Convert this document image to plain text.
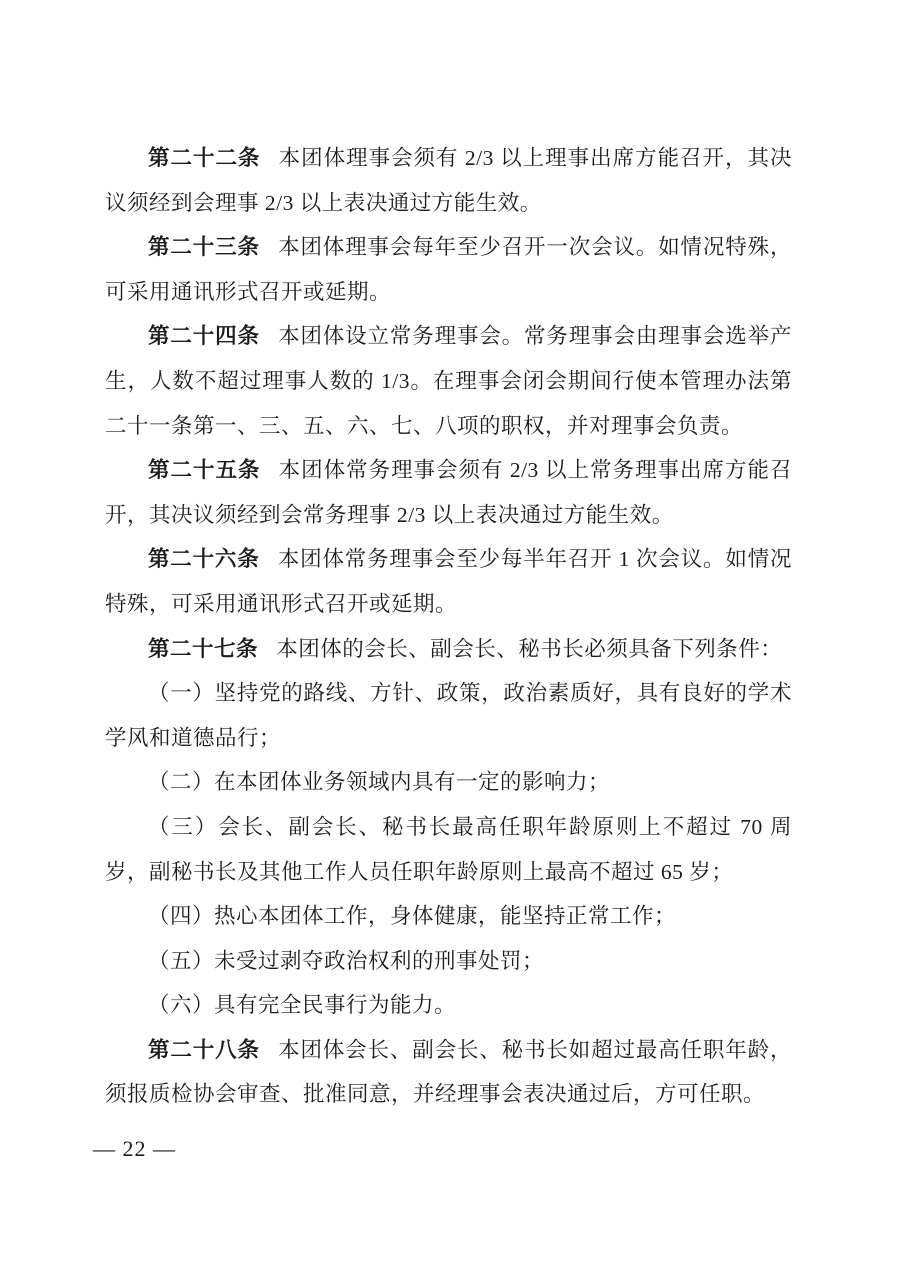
第二十二条 本团体理事会须有 2/3 以上理事出席方能召开，其决议须经到会理事 2/3 以上表决通过方能生效。

第二十三条 本团体理事会每年至少召开一次会议。如情况特殊，可采用通讯形式召开或延期。

第二十四条 本团体设立常务理事会。常务理事会由理事会选举产生，人数不超过理事人数的 1/3。在理事会闭会期间行使本管理办法第二十一条第一、三、五、六、七、八项的职权，并对理事会负责。

第二十五条 本团体常务理事会须有 2/3 以上常务理事出席方能召开，其决议须经到会常务理事 2/3 以上表决通过方能生效。

第二十六条 本团体常务理事会至少每半年召开 1 次会议。如情况特殊，可采用通讯形式召开或延期。

第二十七条 本团体的会长、副会长、秘书长必须具备下列条件：

（一）坚持党的路线、方针、政策，政治素质好，具有良好的学术学风和道德品行；

（二）在本团体业务领域内具有一定的影响力；

（三）会长、副会长、秘书长最高任职年龄原则上不超过 70 周岁，副秘书长及其他工作人员任职年龄原则上最高不超过 65 岁；

（四）热心本团体工作，身体健康，能坚持正常工作；

（五）未受过剥夺政治权利的刑事处罚；

（六）具有完全民事行为能力。

第二十八条 本团体会长、副会长、秘书长如超过最高任职年龄，须报质检协会审查、批准同意，并经理事会表决通过后，方可任职。

— 22 —
